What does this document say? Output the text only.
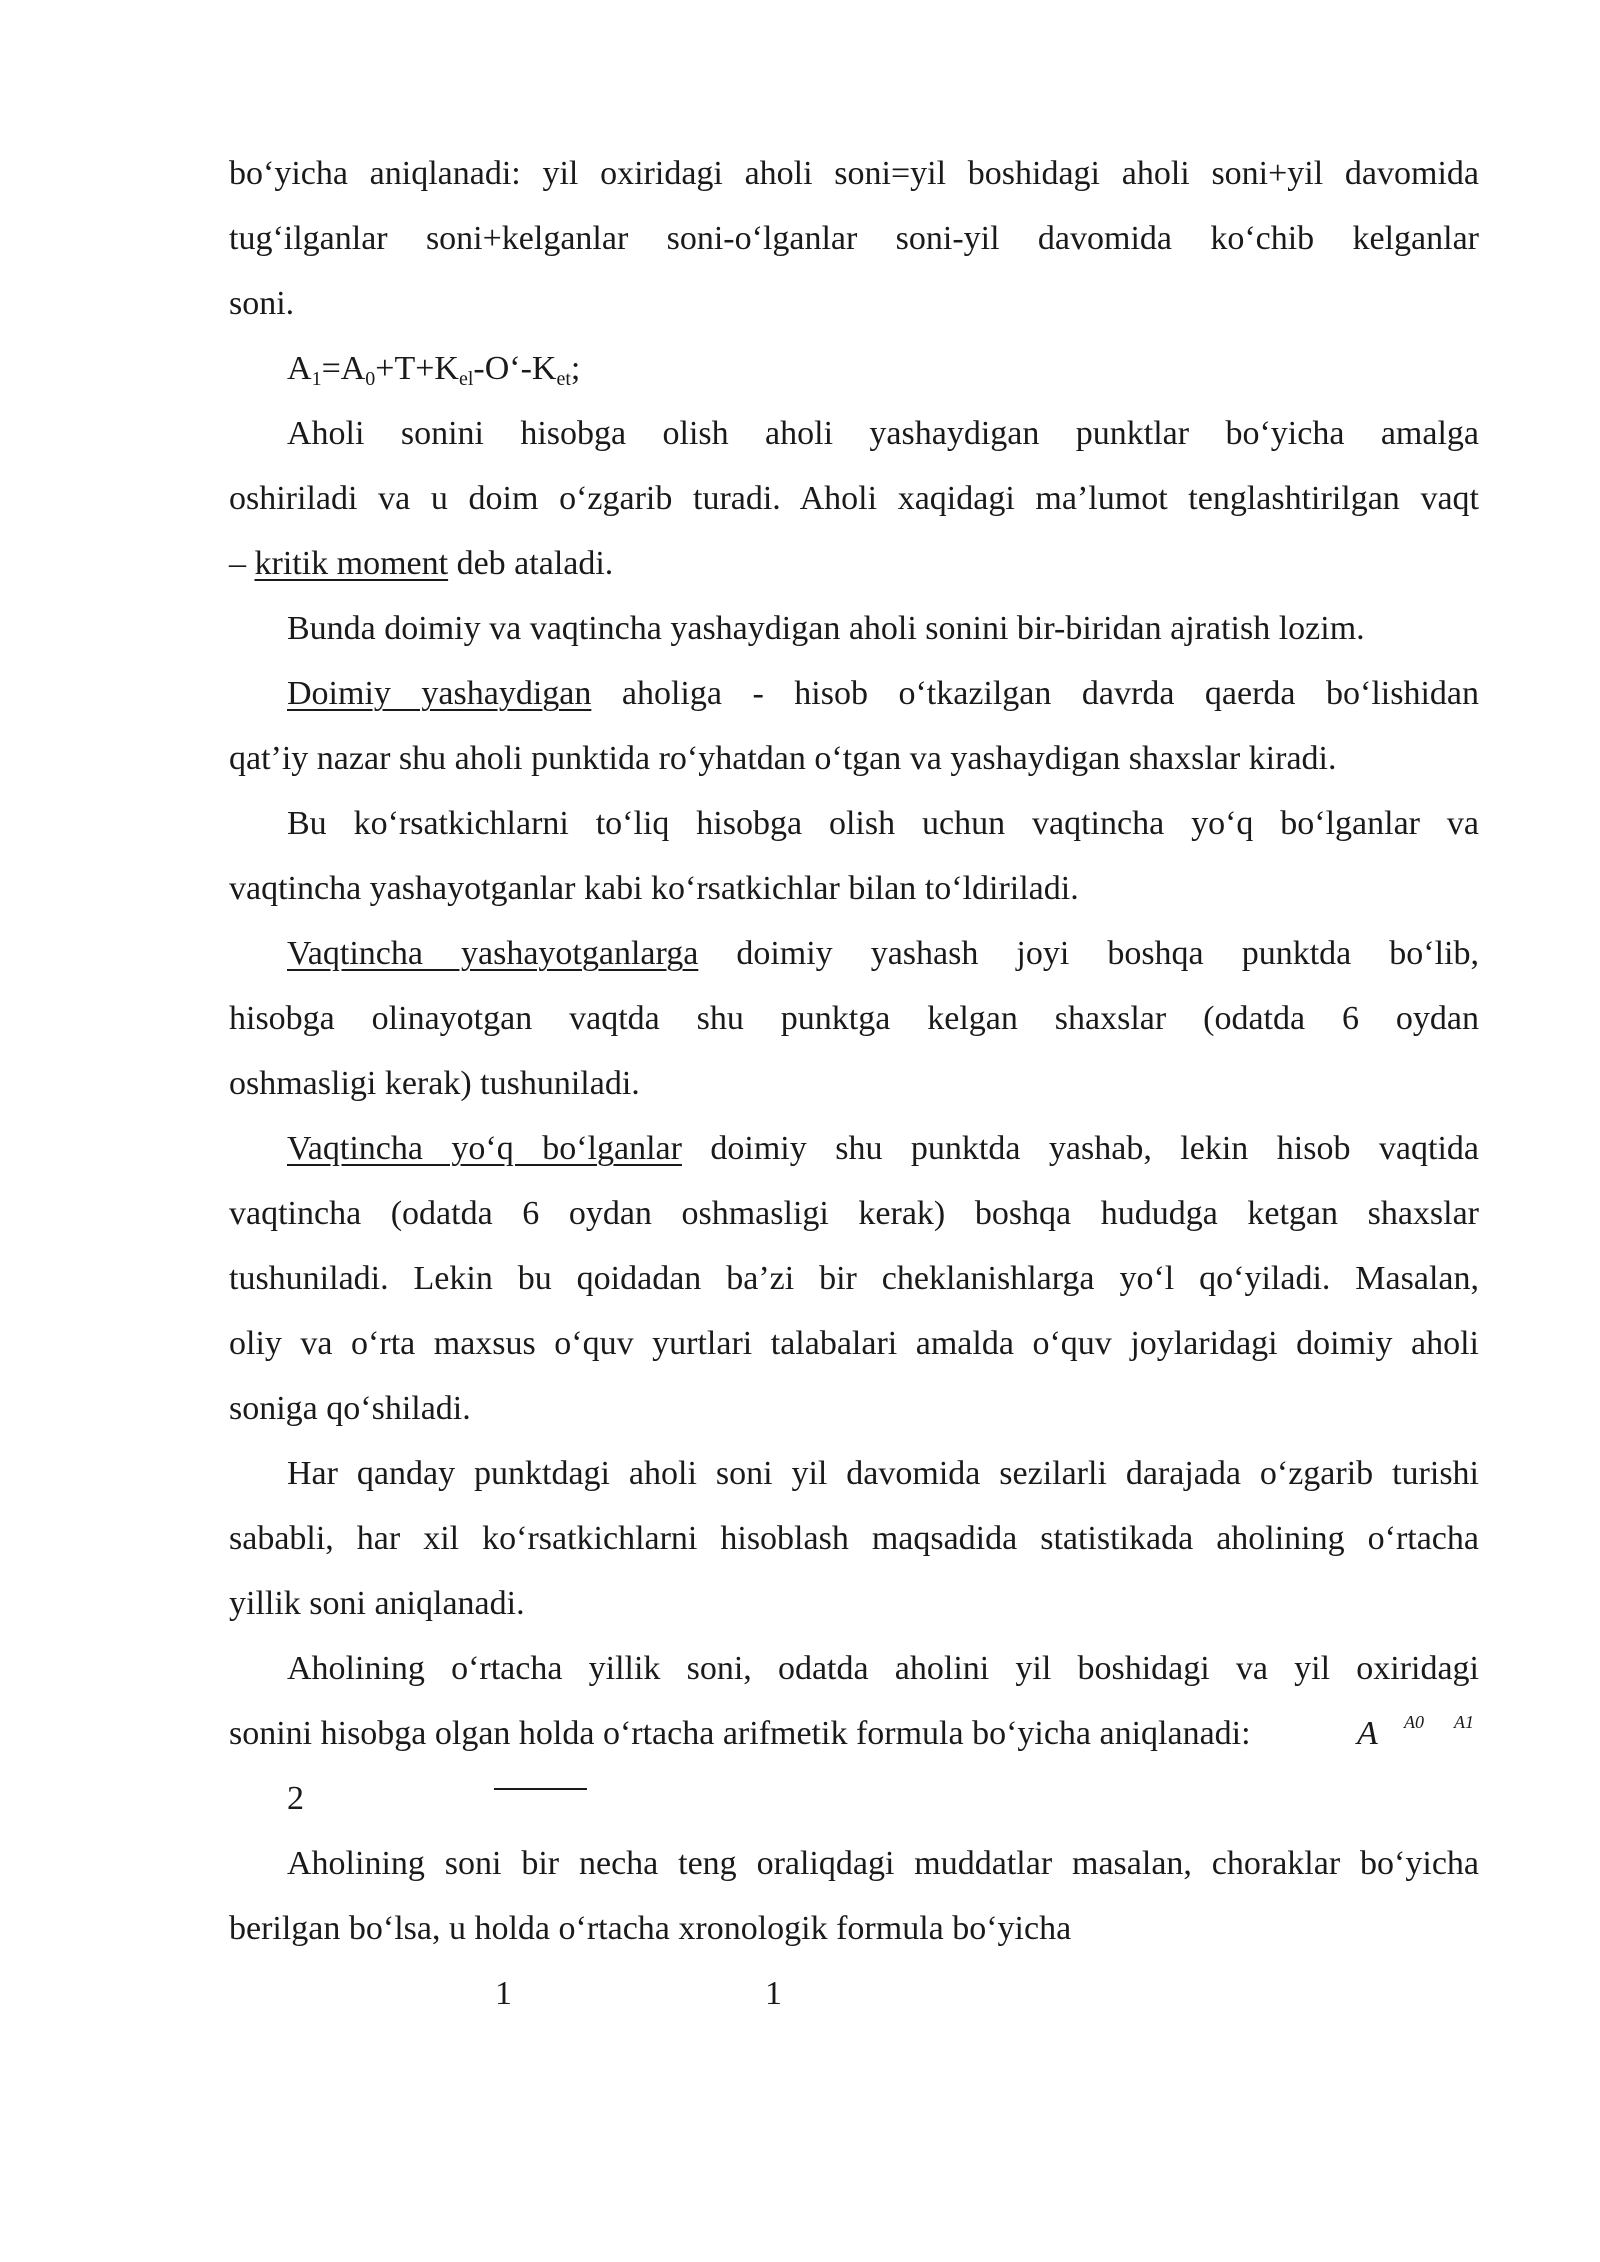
bo‘yicha aniqlanadi: yil oxiridagi aholi soni=yil boshidagi aholi soni+yil davomida
tug‘ilganlar soni+kelganlar soni-o‘lganlar soni-yil davomida ko‘chib kelganlar
soni.
$A_1=A_0+T+K_{el}-O‘-K_{et}$;
Aholi sonini hisobga olish aholi yashaydigan punktlar bo‘yicha amalga
oshiriladi va u doim o‘zgarib turadi. Aholi xaqidagi ma’lumot tenglashtirilgan vaqt
– kritik moment deb ataladi.
Bunda doimiy va vaqtincha yashaydigan aholi sonini bir-biridan ajratish lozim.
Doimiy yashaydigan aholiga - hisob o‘tkazilgan davrda qaerda bo‘lishidan
qat’iy nazar shu aholi punktida ro‘yhatdan o‘tgan va yashaydigan shaxslar kiradi.
Bu ko‘rsatkichlarni to‘liq hisobga olish uchun vaqtincha yo‘q bo‘lganlar va
vaqtincha yashayotganlar kabi ko‘rsatkichlar bilan to‘ldiriladi.
Vaqtincha yashayotganlarga doimiy yashash joyi boshqa punktda bo‘lib,
hisobga olinayotgan vaqtda shu punktga kelgan shaxslar (odatda 6 oydan
oshmasligi kerak) tushuniladi.
Vaqtincha yo‘q bo‘lganlar doimiy shu punktda yashab, lekin hisob vaqtida
vaqtincha (odatda 6 oydan oshmasligi kerak) boshqa hududga ketgan shaxslar
tushuniladi. Lekin bu qoidadan ba’zi bir cheklanishlarga yo‘l qo‘yiladi. Masalan,
oliy va o‘rta maxsus o‘quv yurtlari talabalari amalda o‘quv joylaridagi doimiy aholi
soniga qo‘shiladi.
Har qanday punktdagi aholi soni yil davomida sezilarli darajada o‘zgarib turishi
sababli, har xil ko‘rsatkichlarni hisoblash maqsadida statistikada aholining o‘rtacha
yillik soni aniqlanadi.
Aholining o‘rtacha yillik soni, odatda aholini yil boshidagi va yil oxiridagi
sonini hisobga olgan holda o‘rtacha arifmetik formula bo‘yicha aniqlanadi:	A A0 A1
2
Aholining soni bir necha teng oraliqdagi muddatlar masalan, choraklar bo‘yicha
berilgan bo‘lsa, u holda o‘rtacha xronologik formula bo‘yicha
1	1
